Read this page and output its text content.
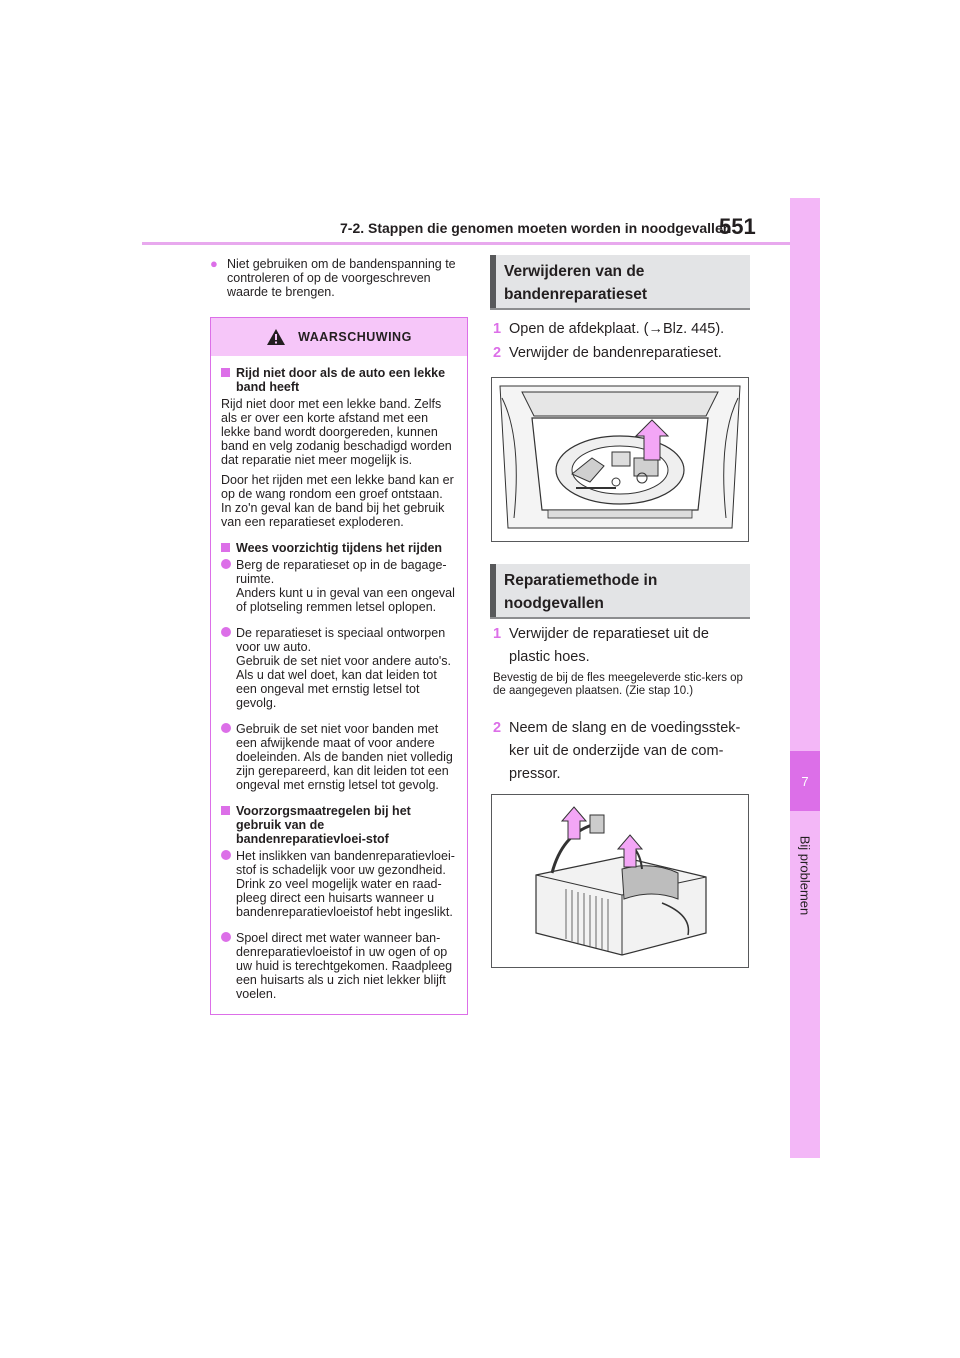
7-2. Stappen die genomen moeten worden in noodgevallen
551
7
Bij problemen
● Niet gebruiken om de bandenspanning te controleren of op de voorgeschreven waarde te brengen.
WAARSCHUWING
Rijd niet door als de auto een lekke band heeft
Rijd niet door met een lekke band. Zelfs als er over een korte afstand met een lekke band wordt doorgereden, kunnen band en velg zodanig beschadigd worden dat reparatie niet meer mogelijk is.
Door het rijden met een lekke band kan er op de wang rondom een groef ontstaan. In zo'n geval kan de band bij het gebruik van een reparatieset exploderen.
Wees voorzichtig tijdens het rijden
Berg de reparatieset op in de bagage-ruimte.
Anders kunt u in geval van een ongeval of plotseling remmen letsel oplopen.
De reparatieset is speciaal ontworpen voor uw auto.
Gebruik de set niet voor andere auto's. Als u dat wel doet, kan dat leiden tot een ongeval met ernstig letsel tot gevolg.
Gebruik de set niet voor banden met een afwijkende maat of voor andere doeleinden. Als de banden niet volledig zijn gerepareerd, kan dit leiden tot een ongeval met ernstig letsel tot gevolg.
Voorzorgsmaatregelen bij het gebruik van de bandenreparatievloei-stof
Het inslikken van bandenreparatievloei-stof is schadelijk voor uw gezondheid. Drink zo veel mogelijk water en raad-pleeg direct een huisarts wanneer u bandenreparatievloeistof hebt ingeslikt.
Spoel direct met water wanneer ban-denreparatievloeistof in uw ogen of op uw huid is terechtgekomen. Raadpleeg een huisarts als u zich niet lekker blijft voelen.
Verwijderen van de
bandenreparatieset
1 Open de afdekplaat. (→Blz. 445).
2 Verwijder de bandenreparatieset.
Reparatiemethode in
noodgevallen
1 Verwijder de reparatieset uit de plastic hoes.
Bevestig de bij de fles meegeleverde stic-kers op de aangegeven plaatsen. (Zie stap 10.)
2 Neem de slang en de voedingsstek-ker uit de onderzijde van de com-pressor.
